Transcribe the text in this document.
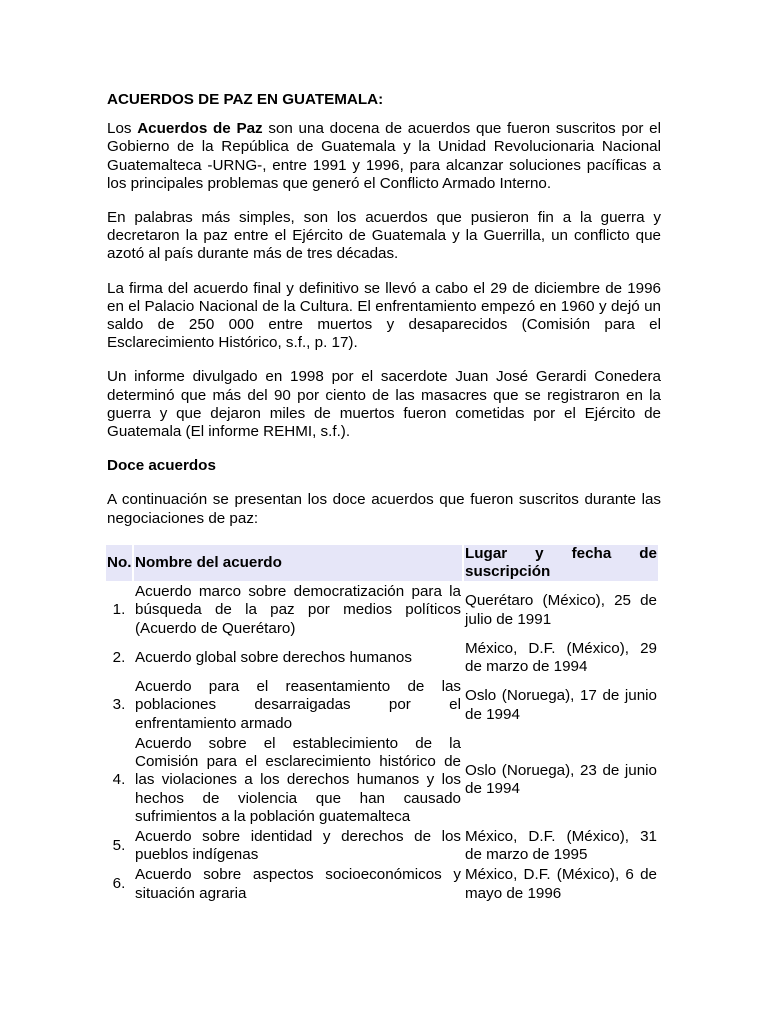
ACUERDOS DE PAZ EN GUATEMALA:

Los Acuerdos de Paz son una docena de acuerdos que fueron suscritos por el Gobierno de la República de Guatemala y la Unidad Revolucionaria Nacional Guatemalteca -URNG-, entre 1991 y 1996, para alcanzar soluciones pacíficas a los principales problemas que generó el Conflicto Armado Interno.

En palabras más simples, son los acuerdos que pusieron fin a la guerra y decretaron la paz entre el Ejército de Guatemala y la Guerrilla, un conflicto que azotó al país durante más de tres décadas.

La firma del acuerdo final y definitivo se llevó a cabo el 29 de diciembre de 1996 en el Palacio Nacional de la Cultura. El enfrentamiento empezó en 1960 y dejó un saldo de 250 000 entre muertos y desaparecidos (Comisión para el Esclarecimiento Histórico, s.f., p. 17).

Un informe divulgado en 1998 por el sacerdote Juan José Gerardi Conedera determinó que más del 90 por ciento de las masacres que se registraron en la guerra y que dejaron miles de muertos fueron cometidas por el Ejército de Guatemala (El informe REHMI, s.f.).

Doce acuerdos

A continuación se presentan los doce acuerdos que fueron suscritos durante las negociaciones de paz:

No.	Nombre del acuerdo	Lugar y fecha de suscripción
1.	Acuerdo marco sobre democratización para la búsqueda de la paz por medios políticos (Acuerdo de Querétaro)	Querétaro (México), 25 de julio de 1991
2.	Acuerdo global sobre derechos humanos	México, D.F. (México), 29 de marzo de 1994
3.	Acuerdo para el reasentamiento de las poblaciones desarraigadas por el enfrentamiento armado	Oslo (Noruega), 17 de junio de 1994
4.	Acuerdo sobre el establecimiento de la Comisión para el esclarecimiento histórico de las violaciones a los derechos humanos y los hechos de violencia que han causado sufrimientos a la población guatemalteca	Oslo (Noruega), 23 de junio de 1994
5.	Acuerdo sobre identidad y derechos de los pueblos indígenas	México, D.F. (México), 31 de marzo de 1995
6.	Acuerdo sobre aspectos socioeconómicos y situación agraria	México, D.F. (México), 6 de mayo de 1996
